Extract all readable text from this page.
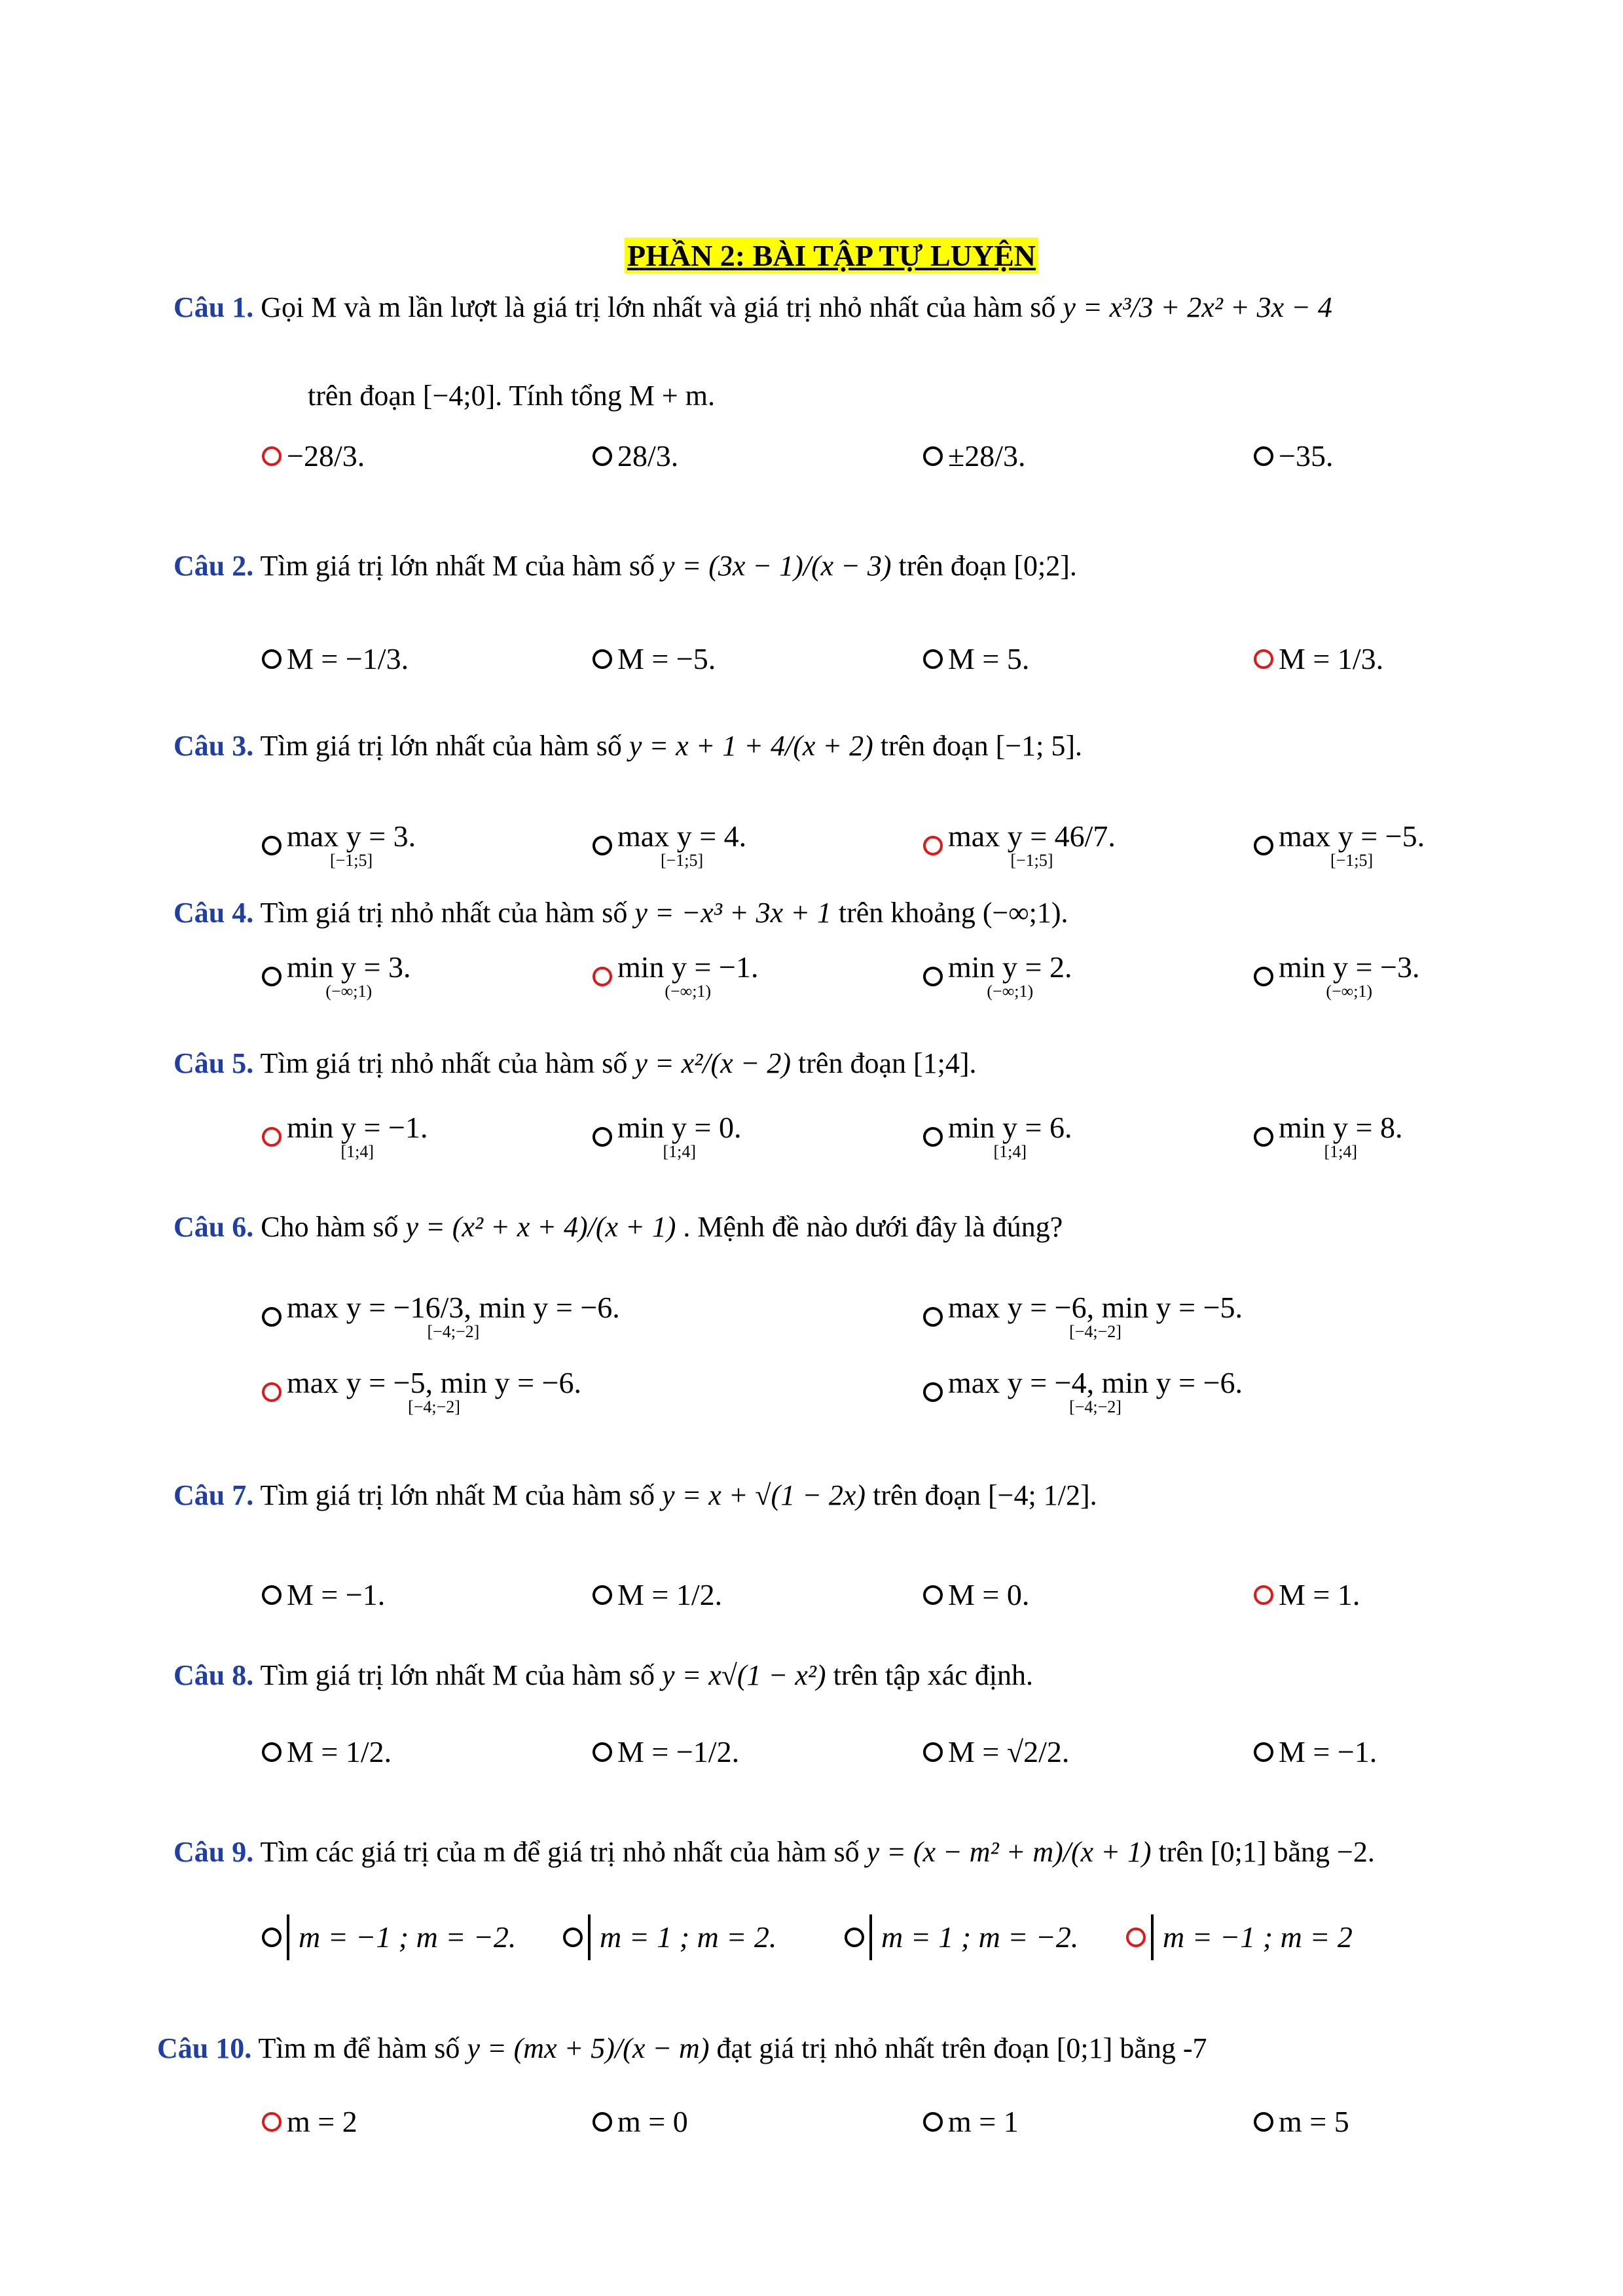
PHẦN 2: BÀI TẬP TỰ LUYỆN
Câu 1. Gọi M và m lần lượt là giá trị lớn nhất và giá trị nhỏ nhất của hàm số y = x³/3 + 2x² + 3x − 4
trên đoạn [−4;0]. Tính tổng M + m.
−28/3.	28/3.	±28/3.	−35.
Câu 2. Tìm giá trị lớn nhất M của hàm số y = (3x − 1)/(x − 3) trên đoạn [0;2].
M = −1/3.	M = −5.	M = 5.	M = 1/3.
Câu 3. Tìm giá trị lớn nhất của hàm số y = x + 1 + 4/(x + 2) trên đoạn [−1; 5].
max y = 3.
[−1;5]
max y = 4.
[−1;5]
max y = 46/7.
[−1;5]
max y = −5.
[−1;5]
Câu 4. Tìm giá trị nhỏ nhất của hàm số y = −x³ + 3x + 1 trên khoảng (−∞;1).
min y = 3.
(−∞;1)
min y = −1.
(−∞;1)
min y = 2.
(−∞;1)
min y = −3.
(−∞;1)
Câu 5. Tìm giá trị nhỏ nhất của hàm số y = x²/(x − 2) trên đoạn [1;4].
min y = −1.
[1;4]
min y = 0.
[1;4]
min y = 6.
[1;4]
min y = 8.
[1;4]
Câu 6. Cho hàm số y = (x² + x + 4)/(x + 1) . Mệnh đề nào dưới đây là đúng?
max y = −16/3, min y = −6.
[−4;−2]
max y = −6, min y = −5.
[−4;−2]
max y = −5, min y = −6.
[−4;−2]
max y = −4, min y = −6.
[−4;−2]
Câu 7. Tìm giá trị lớn nhất M của hàm số y = x + √(1 − 2x) trên đoạn [−4; 1/2].
M = −1.	M = 1/2.	M = 0.	M = 1.
Câu 8. Tìm giá trị lớn nhất M của hàm số y = x√(1 − x²) trên tập xác định.
M = 1/2.	M = −1/2.	M = √2/2.	M = −1.
Câu 9. Tìm các giá trị của m để giá trị nhỏ nhất của hàm số y = (x − m² + m)/(x + 1) trên [0;1] bằng −2.
m = −1 ; m = −2.	m = 1 ; m = 2.	m = 1 ; m = −2.	m = −1 ; m = 2
Câu 10. Tìm m để hàm số y = (mx + 5)/(x − m) đạt giá trị nhỏ nhất trên đoạn [0;1] bằng -7
m = 2	m = 0	m = 1	m = 5
